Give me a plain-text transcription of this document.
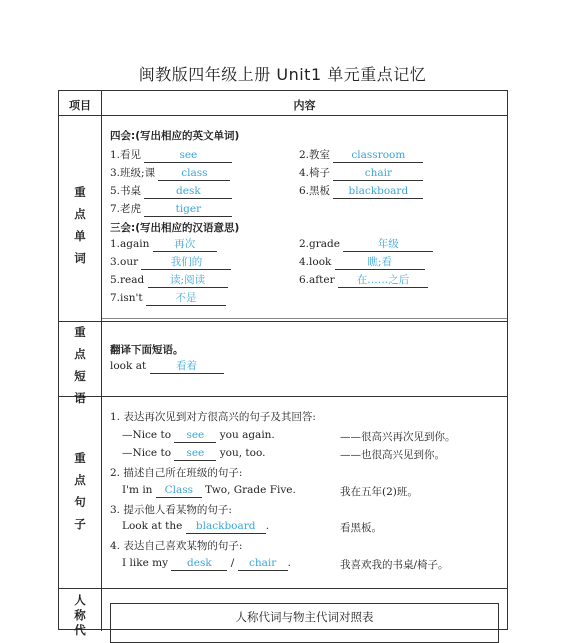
闽教版四年级上册 Unit1 单元重点记忆
项目	内容
重
点
单
词
四会:(写出相应的英文单词)
1.看见	see	2.教室 classroom
3.班级;课 class	4.椅子	chair
5.书桌	desk	6.黑板 blackboard
7.老虎	tiger
三会:(写出相应的汉语意思)
1.again 再次	2.grade	年级
3.our	我们的	4.look	瞧;看
5.read 读;阅读	6.after 在……之后
7.isn't	不是
重
点
短
语
翻译下面短语。
look at	看着
重
点
句
子
1. 表达再次见到对方很高兴的句子及其回答:
—Nice to see you again.	——很高兴再次见到你。
—Nice to see you, too.	——也很高兴见到你。
2. 描述自己所在班级的句子:
I'm in Class Two, Grade Five.	我在五年(2)班。
3. 提示他人看某物的句子:
Look at the blackboard .	看黑板。
4. 表达自己喜欢某物的句子:
I like my desk / chair .	我喜欢我的书桌/椅子。
人
称
代
人称代词与物主代词对照表
